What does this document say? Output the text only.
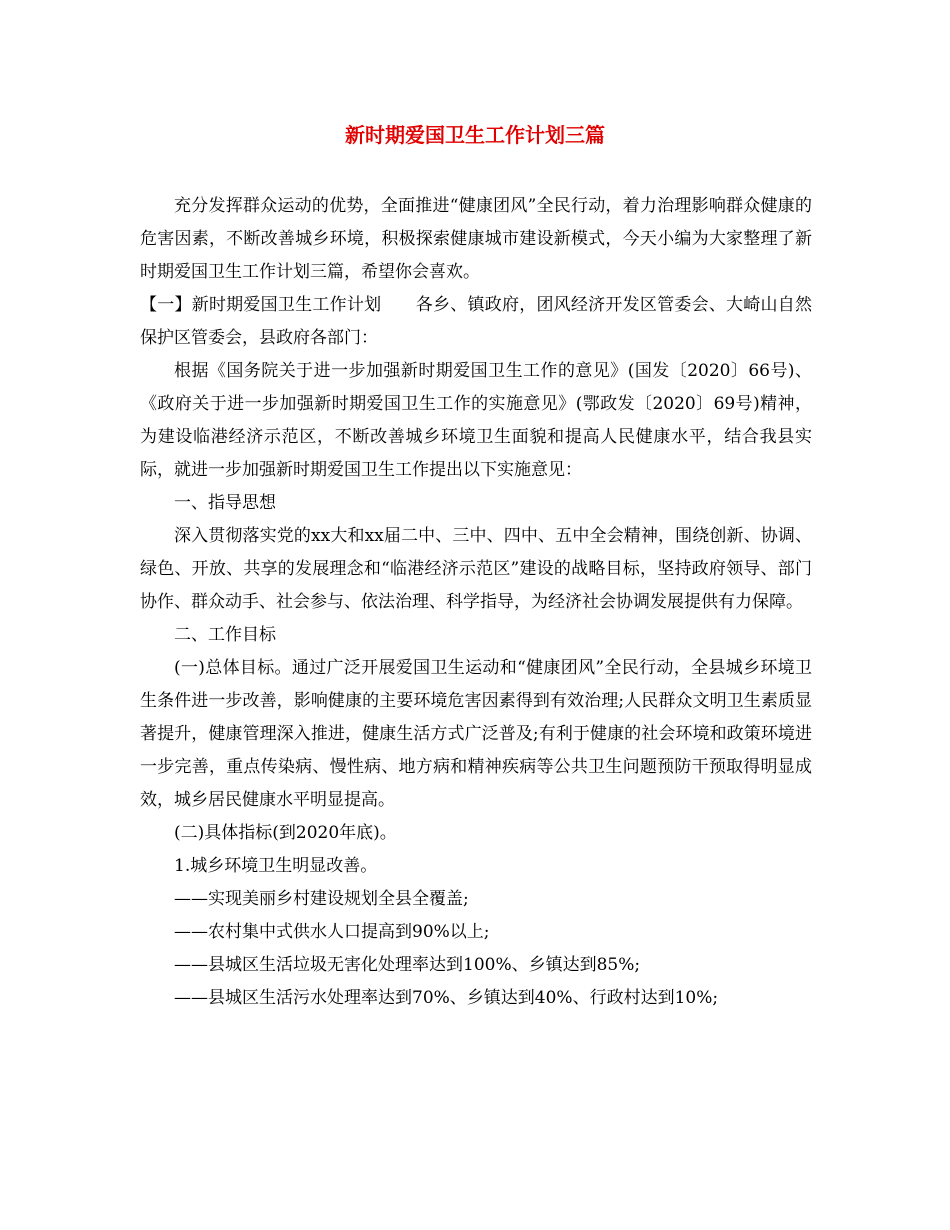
新时期爱国卫生工作计划三篇

充分发挥群众运动的优势，全面推进“健康团风”全民行动，着力治理影响群众健康的危害因素，不断改善城乡环境，积极探索健康城市建设新模式，今天小编为大家整理了新时期爱国卫生工作计划三篇，希望你会喜欢。

【一】新时期爱国卫生工作计划　　各乡、镇政府，团风经济开发区管委会、大崎山自然保护区管委会，县政府各部门：

根据《国务院关于进一步加强新时期爱国卫生工作的意见》(国发〔2020〕66号)、《政府关于进一步加强新时期爱国卫生工作的实施意见》(鄂政发〔2020〕69号)精神，为建设临港经济示范区，不断改善城乡环境卫生面貌和提高人民健康水平，结合我县实际，就进一步加强新时期爱国卫生工作提出以下实施意见：

一、指导思想

深入贯彻落实党的xx大和xx届二中、三中、四中、五中全会精神，围绕创新、协调、绿色、开放、共享的发展理念和“临港经济示范区”建设的战略目标，坚持政府领导、部门协作、群众动手、社会参与、依法治理、科学指导，为经济社会协调发展提供有力保障。

二、工作目标

(一)总体目标。通过广泛开展爱国卫生运动和“健康团风”全民行动，全县城乡环境卫生条件进一步改善，影响健康的主要环境危害因素得到有效治理;人民群众文明卫生素质显著提升，健康管理深入推进，健康生活方式广泛普及;有利于健康的社会环境和政策环境进一步完善，重点传染病、慢性病、地方病和精神疾病等公共卫生问题预防干预取得明显成效，城乡居民健康水平明显提高。

(二)具体指标(到2020年底)。

1.城乡环境卫生明显改善。

——实现美丽乡村建设规划全县全覆盖;

——农村集中式供水人口提高到90%以上;

——县城区生活垃圾无害化处理率达到100%、乡镇达到85%;

——县城区生活污水处理率达到70%、乡镇达到40%、行政村达到10%;
